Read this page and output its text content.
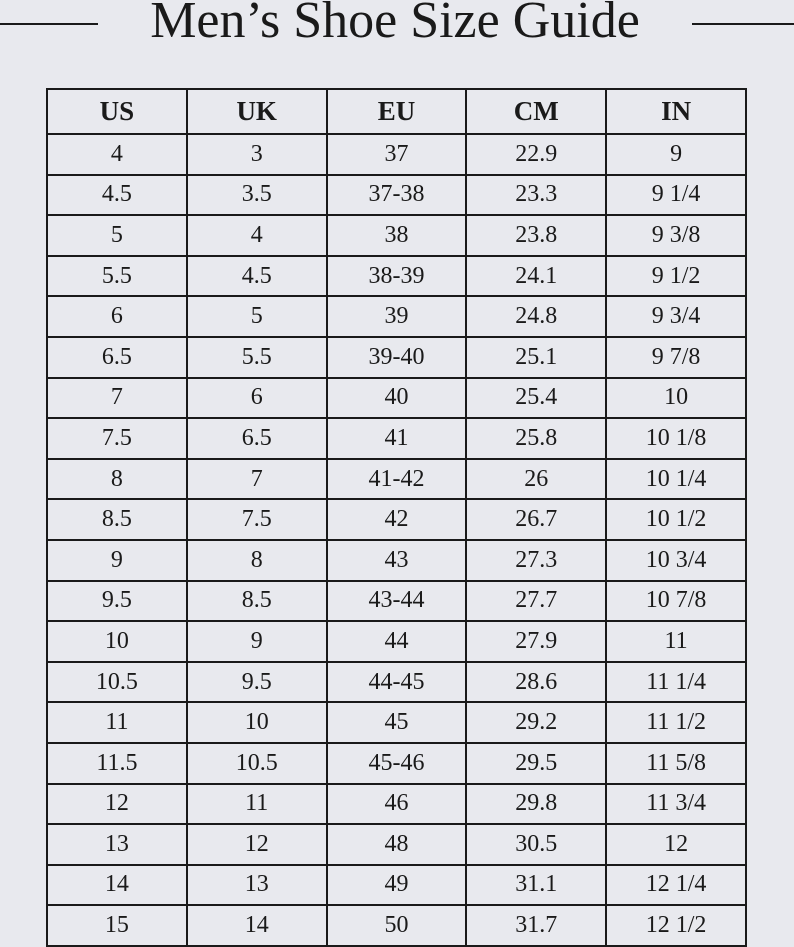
Men’s Shoe Size Guide
US	UK	EU	CM	IN
4	3	37	22.9	9
4.5	3.5	37-38	23.3	9 1/4
5	4	38	23.8	9 3/8
5.5	4.5	38-39	24.1	9 1/2
6	5	39	24.8	9 3/4
6.5	5.5	39-40	25.1	9 7/8
7	6	40	25.4	10
7.5	6.5	41	25.8	10 1/8
8	7	41-42	26	10 1/4
8.5	7.5	42	26.7	10 1/2
9	8	43	27.3	10 3/4
9.5	8.5	43-44	27.7	10 7/8
10	9	44	27.9	11
10.5	9.5	44-45	28.6	11 1/4
11	10	45	29.2	11 1/2
11.5	10.5	45-46	29.5	11 5/8
12	11	46	29.8	11 3/4
13	12	48	30.5	12
14	13	49	31.1	12 1/4
15	14	50	31.7	12 1/2
